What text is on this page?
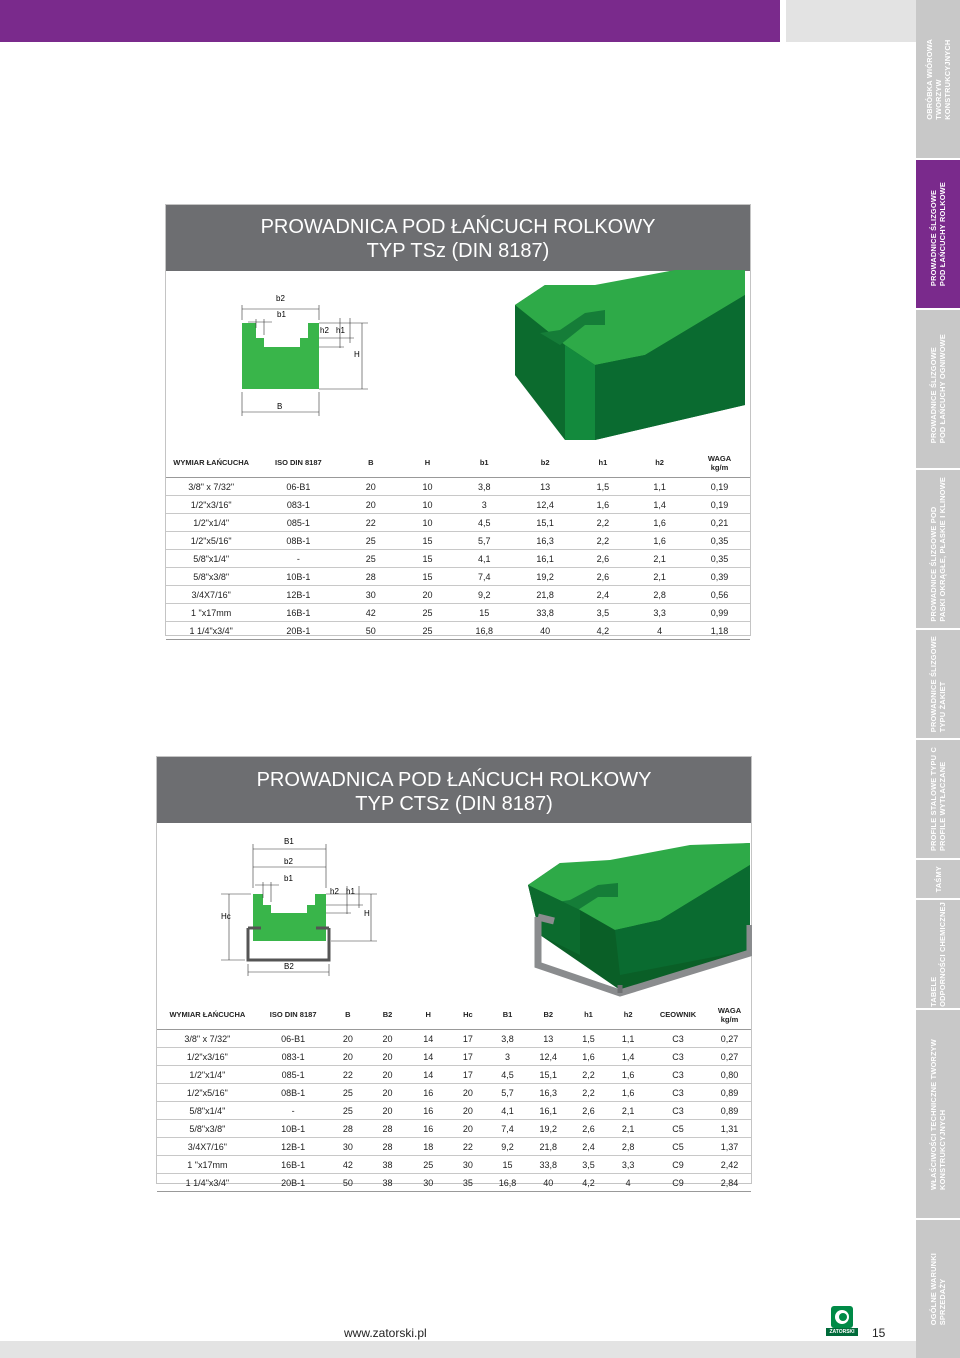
OBRÓBKA WIÓROWA
TWORZYW
KONSTRUKCYJNYCH
PROWADNICE ŚLIZGOWE
POD ŁAŃCUCHY ROLKOWE
PROWADNICE ŚLIZGOWE
POD ŁAŃCUCHY OGNIWOWE
PROWADNICE ŚLIZGOWE POD
PASKI OKRĄGŁE, PŁASKIE I KLINOWE
PROWADNICE ŚLIZGOWE
TYPU ŻAKIET
PROFILE STALOWE TYPU C
PROFILE WYTŁACZANE
TAŚMY
TABELE
ODPORNOŚCI CHEMICZNEJ
WŁAŚCIWOŚCI TECHNICZNE TWORZYW
KONSTRUKCYJNYCH
OGÓLNE WARUNKI
SPRZEDAŻY
PROWADNICA POD ŁAŃCUCH ROLKOWY
TYP TSz (DIN 8187)
b2
b1
h2 h1
H
B
WYMIAR ŁAŃCUCHA	ISO DIN 8187	B	H	b1	b2	h1	h2	WAGA
kg/m
3/8" x 7/32"	06-B1	20	10	3,8	13	1,5	1,1	0,19
1/2"x3/16"	083-1	20	10	3	12,4	1,6	1,4	0,19
1/2"x1/4"	085-1	22	10	4,5	15,1	2,2	1,6	0,21
1/2"x5/16"	08B-1	25	15	5,7	16,3	2,2	1,6	0,35
5/8"x1/4"	-	25	15	4,1	16,1	2,6	2,1	0,35
5/8"x3/8"	10B-1	28	15	7,4	19,2	2,6	2,1	0,39
3/4X7/16"	12B-1	30	20	9,2	21,8	2,4	2,8	0,56
1 "x17mm	16B-1	42	25	15	33,8	3,5	3,3	0,99
1 1/4"x3/4"	20B-1	50	25	16,8	40	4,2	4	1,18
PROWADNICA POD ŁAŃCUCH ROLKOWY
TYP CTSz (DIN 8187)
B1
b2
b1
h2 h1
H
Hc
B2
WYMIAR ŁAŃCUCHA	ISO DIN 8187	B	B2	H	Hc	B1	B2	h1	h2	CEOWNIK	WAGA
kg/m
3/8" x 7/32"	06-B1	20	20	14	17	3,8	13	1,5	1,1	C3	0,27
1/2"x3/16"	083-1	20	20	14	17	3	12,4	1,6	1,4	C3	0,27
1/2"x1/4"	085-1	22	20	14	17	4,5	15,1	2,2	1,6	C3	0,80
1/2"x5/16"	08B-1	25	20	16	20	5,7	16,3	2,2	1,6	C3	0,89
5/8"x1/4"	-	25	20	16	20	4,1	16,1	2,6	2,1	C3	0,89
5/8"x3/8"	10B-1	28	28	16	20	7,4	19,2	2,6	2,1	C5	1,31
3/4X7/16"	12B-1	30	28	18	22	9,2	21,8	2,4	2,8	C5	1,37
1 "x17mm	16B-1	42	38	25	30	15	33,8	3,5	3,3	C9	2,42
1 1/4"x3/4"	20B-1	50	38	30	35	16,8	40	4,2	4	C9	2,84
www.zatorski.pl	ZATORSKI 15
